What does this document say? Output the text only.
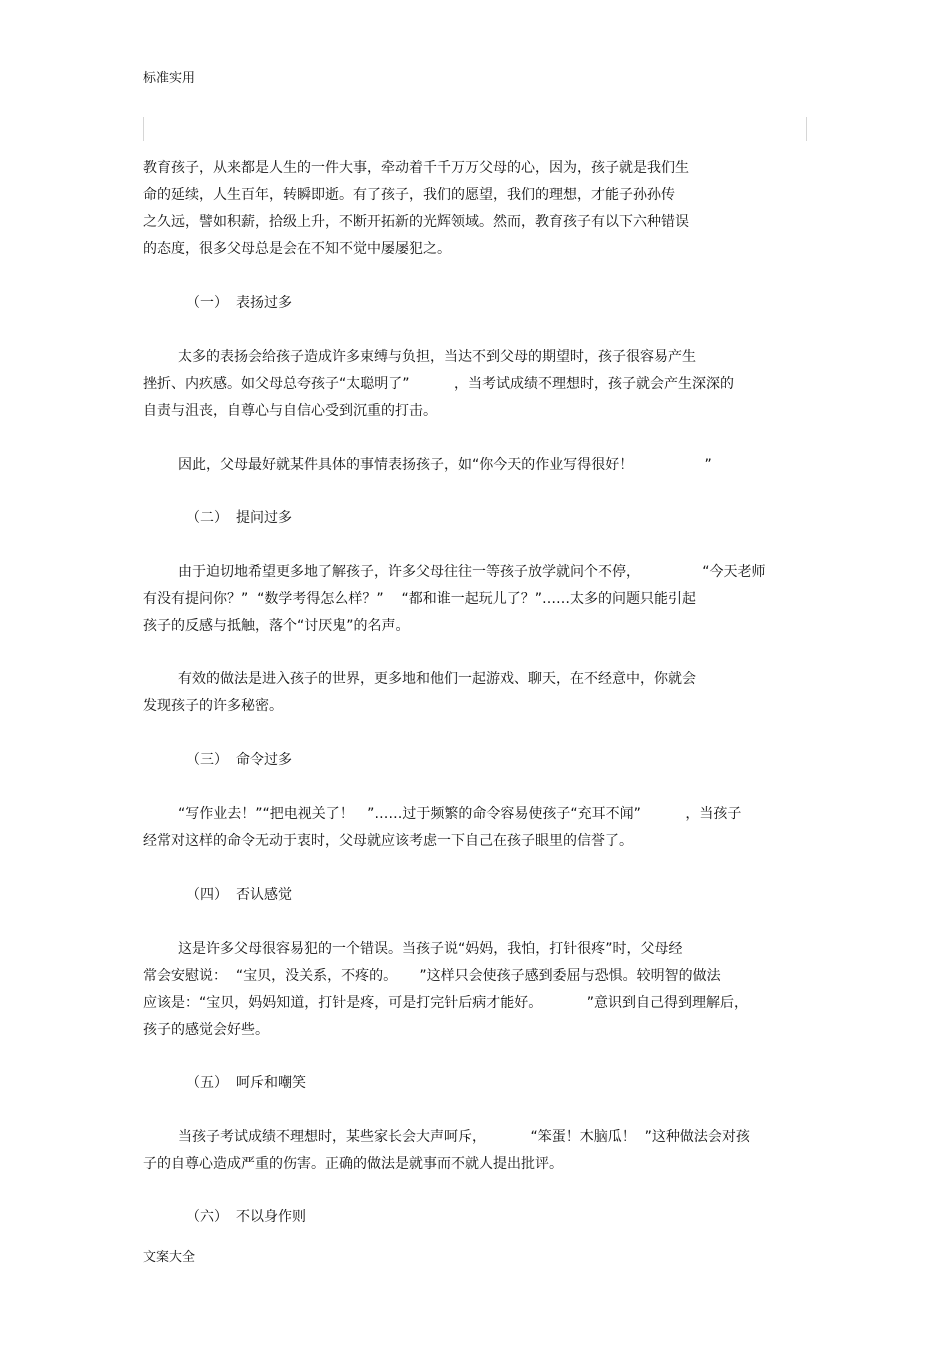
标准实用
教育孩子，从来都是人生的一件大事，牵动着千千万万父母的心，因为，孩子就是我们生
命的延续，人生百年，转瞬即逝。有了孩子，我们的愿望，我们的理想，才能子孙孙传
之久远，譬如积薪，拾级上升，不断开拓新的光辉领域。然而，教育孩子有以下六种错误
的态度，很多父母总是会在不知不觉中屡屡犯之。
（一） 表扬过多
太多的表扬会给孩子造成许多束缚与负担，当达不到父母的期望时，孩子很容易产生
挫折、内疚感。如父母总夸孩子“太聪明了”          ，当考试成绩不理想时，孩子就会产生深深的
自责与沮丧，自尊心与自信心受到沉重的打击。
因此，父母最好就某件具体的事情表扬孩子，如“你今天的作业写得很好！                ”
（二） 提问过多
由于迫切地希望更多地了解孩子，许多父母往往一等孩子放学就问个不停，              “今天老师
有没有提问你？”  “数学考得怎么样？”    “都和谁一起玩儿了？”……太多的问题只能引起
孩子的反感与抵触，落个“讨厌鬼”的名声。
有效的做法是进入孩子的世界，更多地和他们一起游戏、聊天，在不经意中，你就会
发现孩子的许多秘密。
（三） 命令过多
“写作业去！”“把电视关了！   ”……过于频繁的命令容易使孩子“充耳不闻”          ，当孩子
经常对这样的命令无动于衷时，父母就应该考虑一下自己在孩子眼里的信誉了。
（四） 否认感觉
这是许多父母很容易犯的一个错误。当孩子说“妈妈，我怕，打针很疼”时，父母经
常会安慰说：  “宝贝，没关系，不疼的。     ”这样只会使孩子感到委屈与恐惧。较明智的做法
应该是：“宝贝，妈妈知道，打针是疼，可是打完针后病才能好。          ”意识到自己得到理解后，
孩子的感觉会好些。
（五） 呵斥和嘲笑
当孩子考试成绩不理想时，某些家长会大声呵斥，          “笨蛋！木脑瓜！  ”这种做法会对孩
子的自尊心造成严重的伤害。正确的做法是就事而不就人提出批评。
（六） 不以身作则
文案大全
